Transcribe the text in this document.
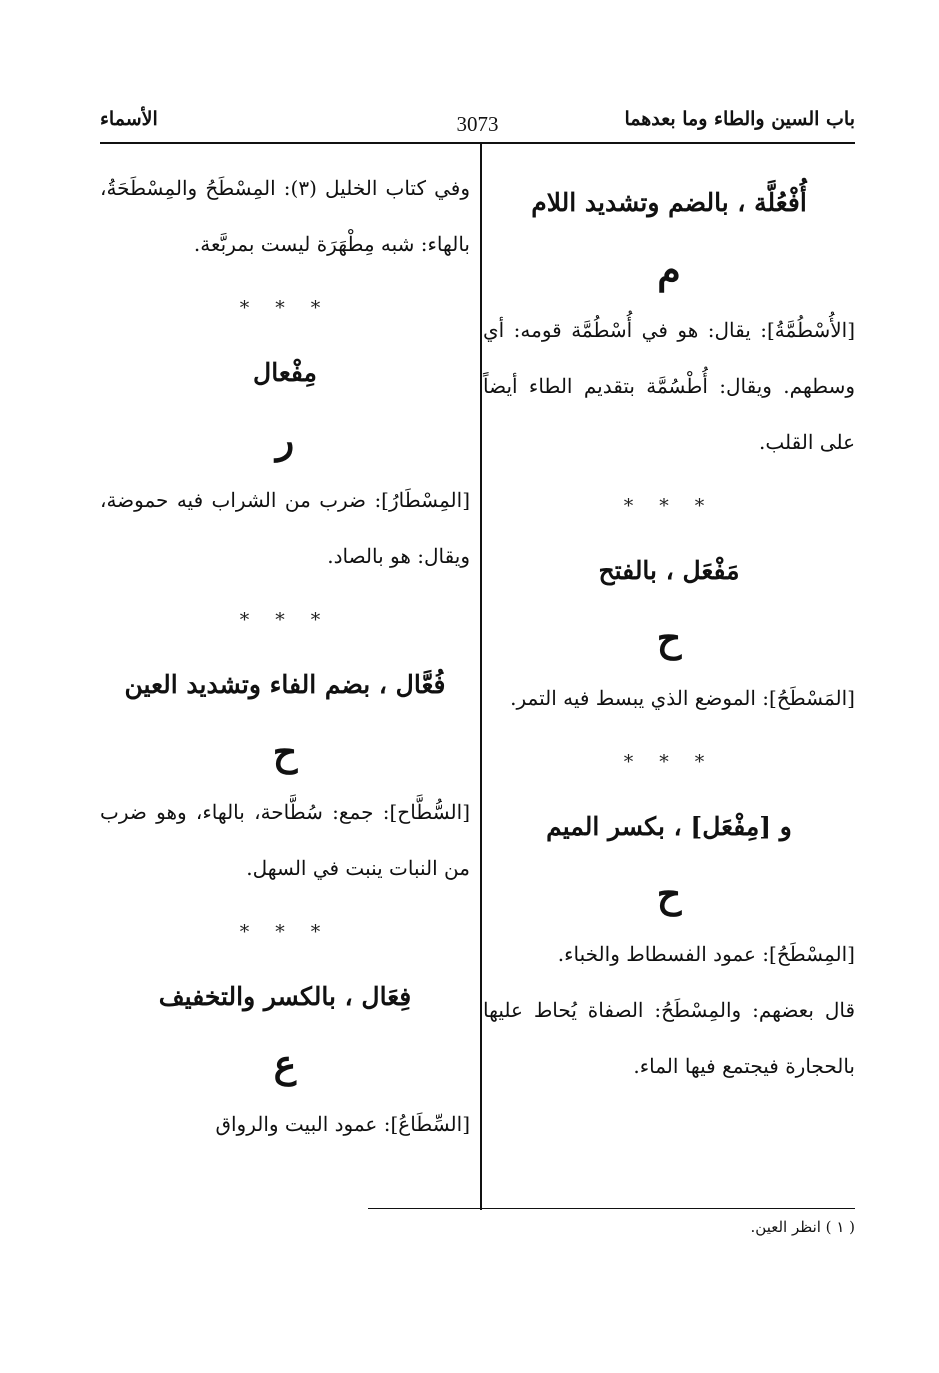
باب السين والطاء وما بعدهما
3073
الأسماء
أُفْعُلَّة ، بالضم وتشديد اللام
م
[الأُسْطُمَّةُ]: يقال: هو في أُسْطُمَّة قومه: أي وسطهم. ويقال: أُطْسُمَّة بتقديم الطاء أيضاً على القلب.
* * *
مَفْعَل ، بالفتح
ح
[المَسْطَحُ]: الموضع الذي يبسط فيه التمر.
* * *
و [مِفْعَل] ، بكسر الميم
ح
[المِسْطَحُ]: عمود الفسطاط والخباء.
قال بعضهم: والمِسْطَحُ: الصفاة يُحاط عليها بالحجارة فيجتمع فيها الماء.
وفي كتاب الخليل (٣): المِسْطَحُ والمِسْطَحَةُ، بالهاء: شبه مِطْهَرَة ليست بمربَّعة.
* * *
مِفْعال
ر
[المِسْطَارُ]: ضرب من الشراب فيه حموضة، ويقال: هو بالصاد.
* * *
فُعَّال ، بضم الفاء وتشديد العين
ح
[السُّطَّاح]: جمع: سُطَّاحة، بالهاء، وهو ضرب من النبات ينبت في السهل.
* * *
فِعَال ، بالكسر والتخفيف
ع
[السِّطَاعُ]: عمود البيت والرواق
( ١ ) انظر العين.
